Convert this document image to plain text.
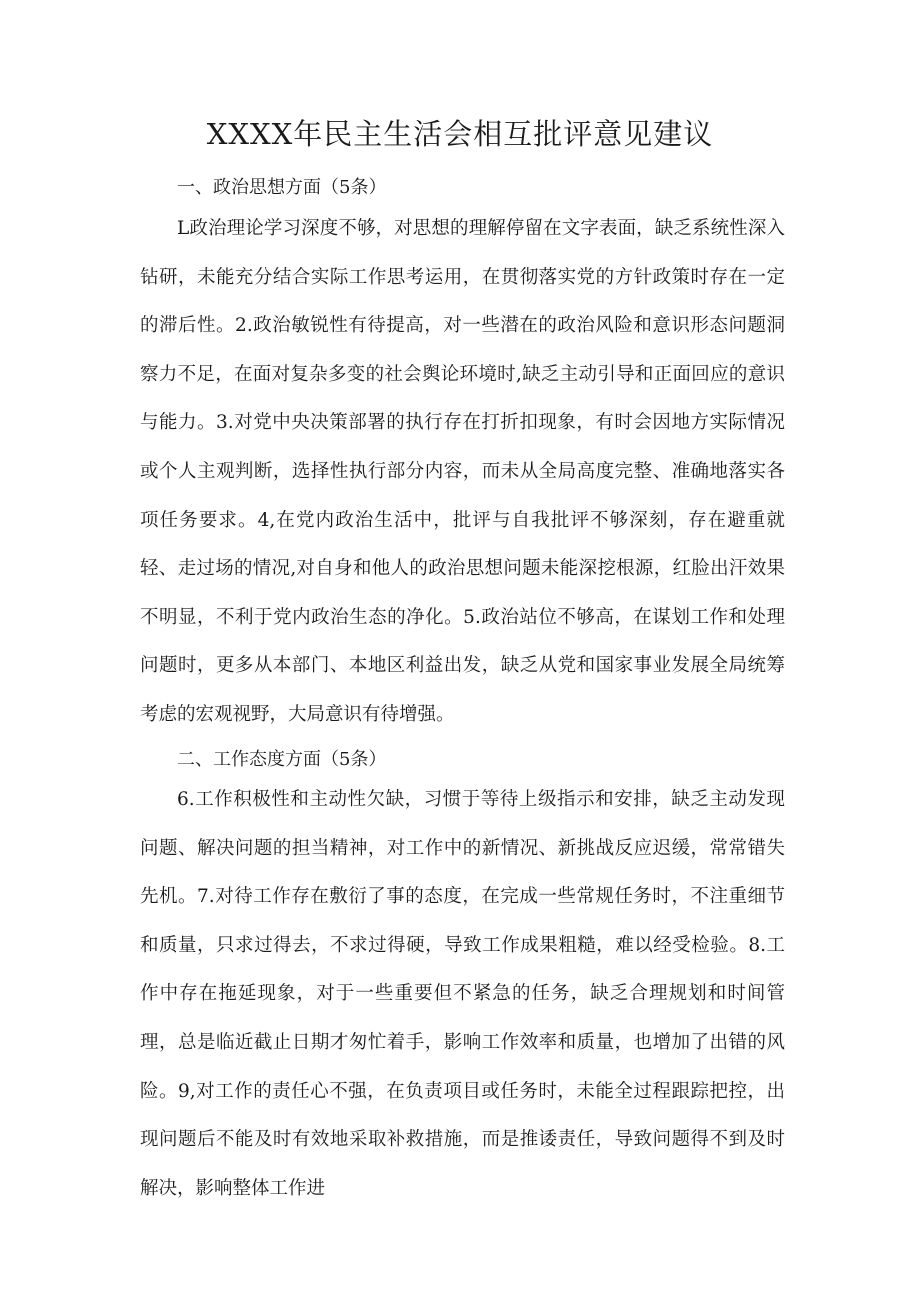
XXXX年民主生活会相互批评意见建议
一、政治思想方面（5条）

L政治理论学习深度不够，对思想的理解停留在文字表面，缺乏系统性深入钻研，未能充分结合实际工作思考运用，在贯彻落实党的方针政策时存在一定的滞后性。2.政治敏锐性有待提高，对一些潜在的政治风险和意识形态问题洞察力不足，在面对复杂多变的社会舆论环境时,缺乏主动引导和正面回应的意识与能力。3.对党中央决策部署的执行存在打折扣现象，有时会因地方实际情况或个人主观判断，选择性执行部分内容，而未从全局高度完整、准确地落实各项任务要求。4,在党内政治生活中，批评与自我批评不够深刻，存在避重就轻、走过场的情况,对自身和他人的政治思想问题未能深挖根源，红脸出汗效果不明显，不利于党内政治生态的净化。5.政治站位不够高，在谋划工作和处理问题时，更多从本部门、本地区利益出发，缺乏从党和国家事业发展全局统筹考虑的宏观视野，大局意识有待增强。

二、工作态度方面（5条）

6.工作积极性和主动性欠缺，习惯于等待上级指示和安排，缺乏主动发现问题、解决问题的担当精神，对工作中的新情况、新挑战反应迟缓，常常错失先机。7.对待工作存在敷衍了事的态度，在完成一些常规任务时，不注重细节和质量，只求过得去，不求过得硬，导致工作成果粗糙，难以经受检验。8.工作中存在拖延现象，对于一些重要但不紧急的任务，缺乏合理规划和时间管理，总是临近截止日期才匆忙着手，影响工作效率和质量，也增加了出错的风险。9,对工作的责任心不强，在负责项目或任务时，未能全过程跟踪把控，出现问题后不能及时有效地采取补救措施，而是推诿责任，导致问题得不到及时解决，影响整体工作进
